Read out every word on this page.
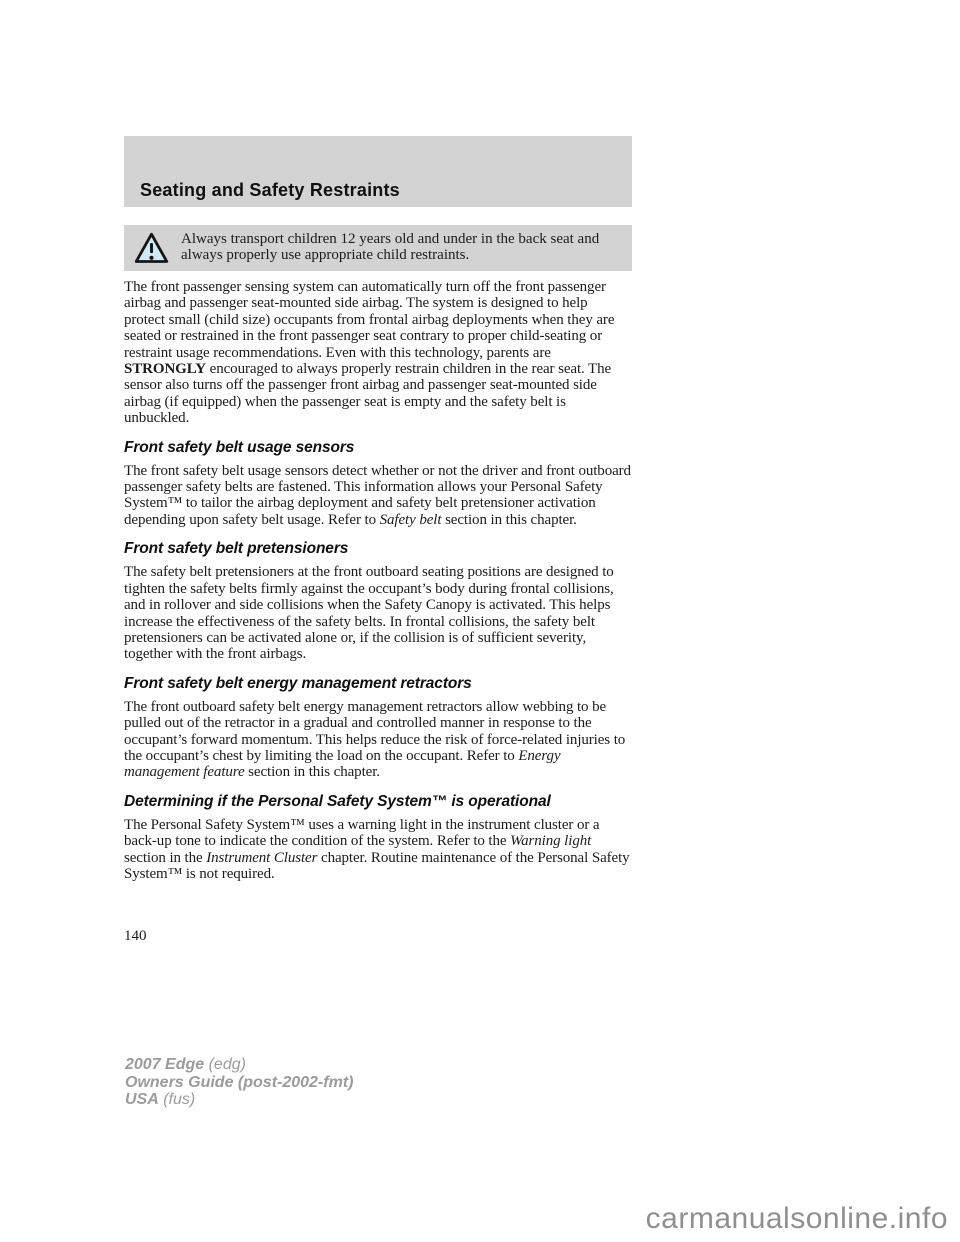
Seating and Safety Restraints

Always transport children 12 years old and under in the back seat and always properly use appropriate child restraints.

The front passenger sensing system can automatically turn off the front passenger airbag and passenger seat-mounted side airbag. The system is designed to help protect small (child size) occupants from frontal airbag deployments when they are seated or restrained in the front passenger seat contrary to proper child-seating or restraint usage recommendations. Even with this technology, parents are STRONGLY encouraged to always properly restrain children in the rear seat. The sensor also turns off the passenger front airbag and passenger seat-mounted side airbag (if equipped) when the passenger seat is empty and the safety belt is unbuckled.

Front safety belt usage sensors

The front safety belt usage sensors detect whether or not the driver and front outboard passenger safety belts are fastened. This information allows your Personal Safety System™ to tailor the airbag deployment and safety belt pretensioner activation depending upon safety belt usage. Refer to Safety belt section in this chapter.

Front safety belt pretensioners

The safety belt pretensioners at the front outboard seating positions are designed to tighten the safety belts firmly against the occupant’s body during frontal collisions, and in rollover and side collisions when the Safety Canopy is activated. This helps increase the effectiveness of the safety belts. In frontal collisions, the safety belt pretensioners can be activated alone or, if the collision is of sufficient severity, together with the front airbags.

Front safety belt energy management retractors

The front outboard safety belt energy management retractors allow webbing to be pulled out of the retractor in a gradual and controlled manner in response to the occupant’s forward momentum. This helps reduce the risk of force-related injuries to the occupant’s chest by limiting the load on the occupant. Refer to Energy management feature section in this chapter.

Determining if the Personal Safety System™ is operational

The Personal Safety System™ uses a warning light in the instrument cluster or a back-up tone to indicate the condition of the system. Refer to the Warning light section in the Instrument Cluster chapter. Routine maintenance of the Personal Safety System™ is not required.

140
2007 Edge (edg)
Owners Guide (post-2002-fmt)
USA (fus)
carmanualsonline.info
